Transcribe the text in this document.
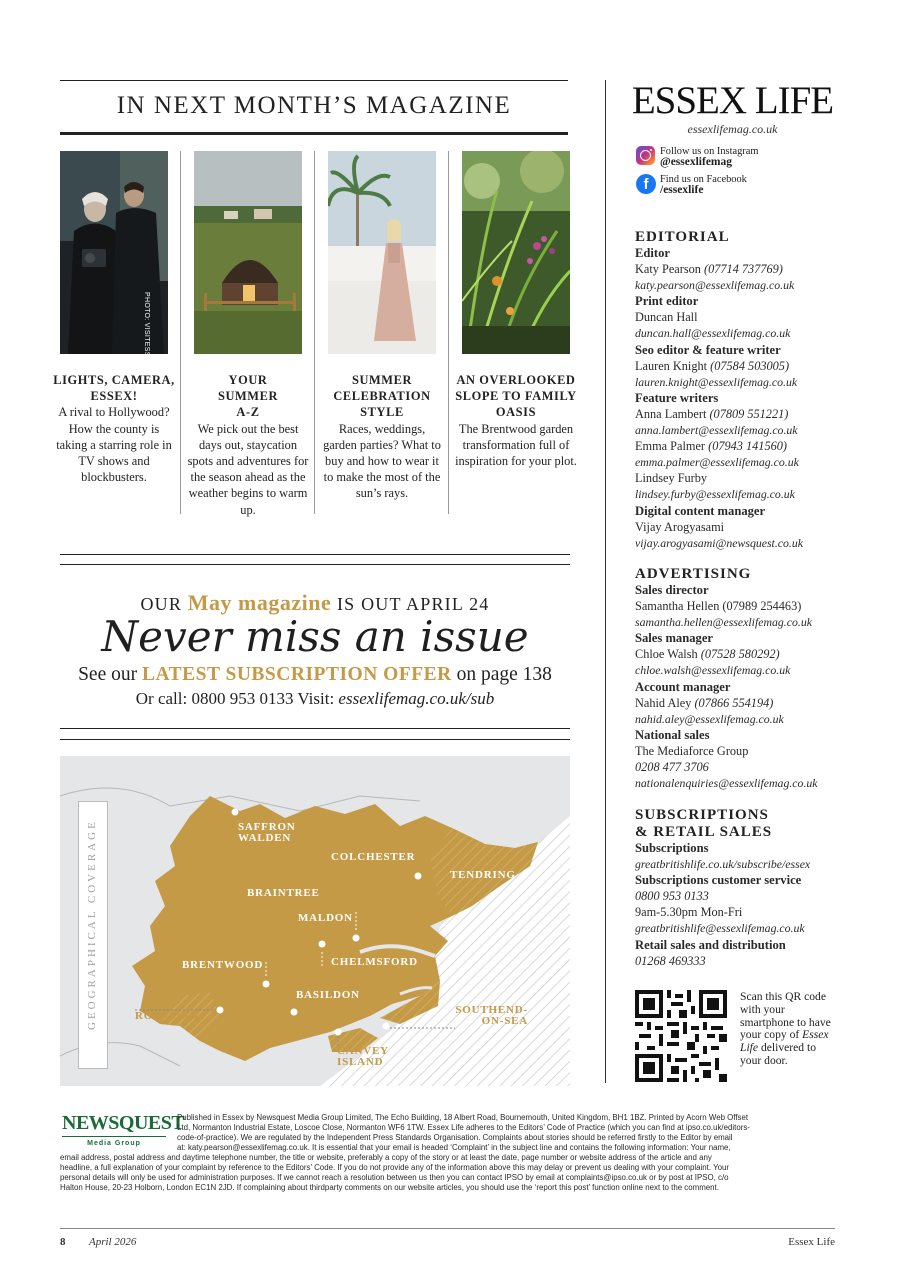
IN NEXT MONTH’S MAGAZINE
PHOTO: VISITESSEX
LIGHTS, CAMERA, ESSEX!
A rival to Hollywood? How the county is taking a starring role in TV shows and blockbusters.
YOUR SUMMER A-Z
We pick out the best days out, staycation spots and adventures for the season ahead as the weather begins to warm up.
SUMMER CELEBRATION STYLE
Races, weddings, garden parties? What to buy and how to wear it to make the most of the sun’s rays.
AN OVERLOOKED SLOPE TO FAMILY OASIS
The Brentwood garden transformation full of inspiration for your plot.
OUR May magazine IS OUT APRIL 24
Never miss an issue
See our LATEST SUBSCRIPTION OFFER on page 138
Or call: 0800 953 0133 Visit: essexlifemag.co.uk/sub
GEOGRAPHICAL COVERAGE	SAFFRON WALDEN
COLCHESTER
TENDRING
BRAINTREE
MALDON
BRENTWOOD	CHELMSFORD
BASILDON
ROMFORD	SOUTHEND-ON-SEA
CANVEY ISLAND
ESSEX LIFE
essexlifemag.co.uk
Follow us on Instagram
@essexlifemag
f	Find us on Facebook
/essexlife
EDITORIAL
Editor
Katy Pearson (07714 737769)
katy.pearson@essexlifemag.co.uk
Print editor
Duncan Hall
duncan.hall@essexlifemag.co.uk
Seo editor & feature writer
Lauren Knight (07584 503005)
lauren.knight@essexlifemag.co.uk
Feature writers
Anna Lambert (07809 551221)
anna.lambert@essexlifemag.co.uk
Emma Palmer (07943 141560)
emma.palmer@essexlifemag.co.uk
Lindsey Furby
lindsey.furby@essexlifemag.co.uk
Digital content manager
Vijay Arogyasami
vijay.arogyasami@newsquest.co.uk
ADVERTISING
Sales director
Samantha Hellen (07989 254463)
samantha.hellen@essexlifemag.co.uk
Sales manager
Chloe Walsh (07528 580292)
chloe.walsh@essexlifemag.co.uk
Account manager
Nahid Aley (07866 554194)
nahid.aley@essexlifemag.co.uk
National sales
The Mediaforce Group
0208 477 3706
nationalenquiries@essexlifemag.co.uk
SUBSCRIPTIONS
& RETAIL SALES
Subscriptions
greatbritishlife.co.uk/subscribe/essex
Subscriptions customer service
0800 953 0133
9am-5.30pm Mon-Fri
greatbritishlife@essexlifemag.co.uk
Retail sales and distribution
01268 469333
Scan this QR code with your smartphone to have your copy of Essex Life delivered to your door.
NEWSQUEST
Media Group
Published in Essex by Newsquest Media Group Limited, The Echo Building, 18 Albert Road, Bournemouth, United Kingdom, BH1 1BZ. Printed by Acorn Web Offset
Ltd, Normanton Industrial Estate, Loscoe Close, Normanton WF6 1TW. Essex Life adheres to the Editors’ Code of Practice (which you can find at ipso.co.uk/editors-
code-of-practice). We are regulated by the Independent Press Standards Organisation. Complaints about stories should be referred firstly to the Editor by email
at: katy.pearson@essexlifemag.co.uk. It is essential that your email is headed ‘Complaint’ in the subject line and contains the following information: Your name,
email address, postal address and daytime telephone number, the title or website, preferably a copy of the story or at least the date, page number or website address of the article and any
headline, a full explanation of your complaint by reference to the Editors’ Code. If you do not provide any of the information above this may delay or prevent us dealing with your complaint. Your
personal details will only be used for administration purposes. If we cannot reach a resolution between us then you can contact IPSO by email at complaints@ipso.co.uk or by post at IPSO, c/o
Halton House, 20-23 Holborn, London EC1N 2JD. If complaining about thirdparty comments on our website articles, you should use the ‘report this post’ function online next to the comment.
8 April 2026	Essex Life
